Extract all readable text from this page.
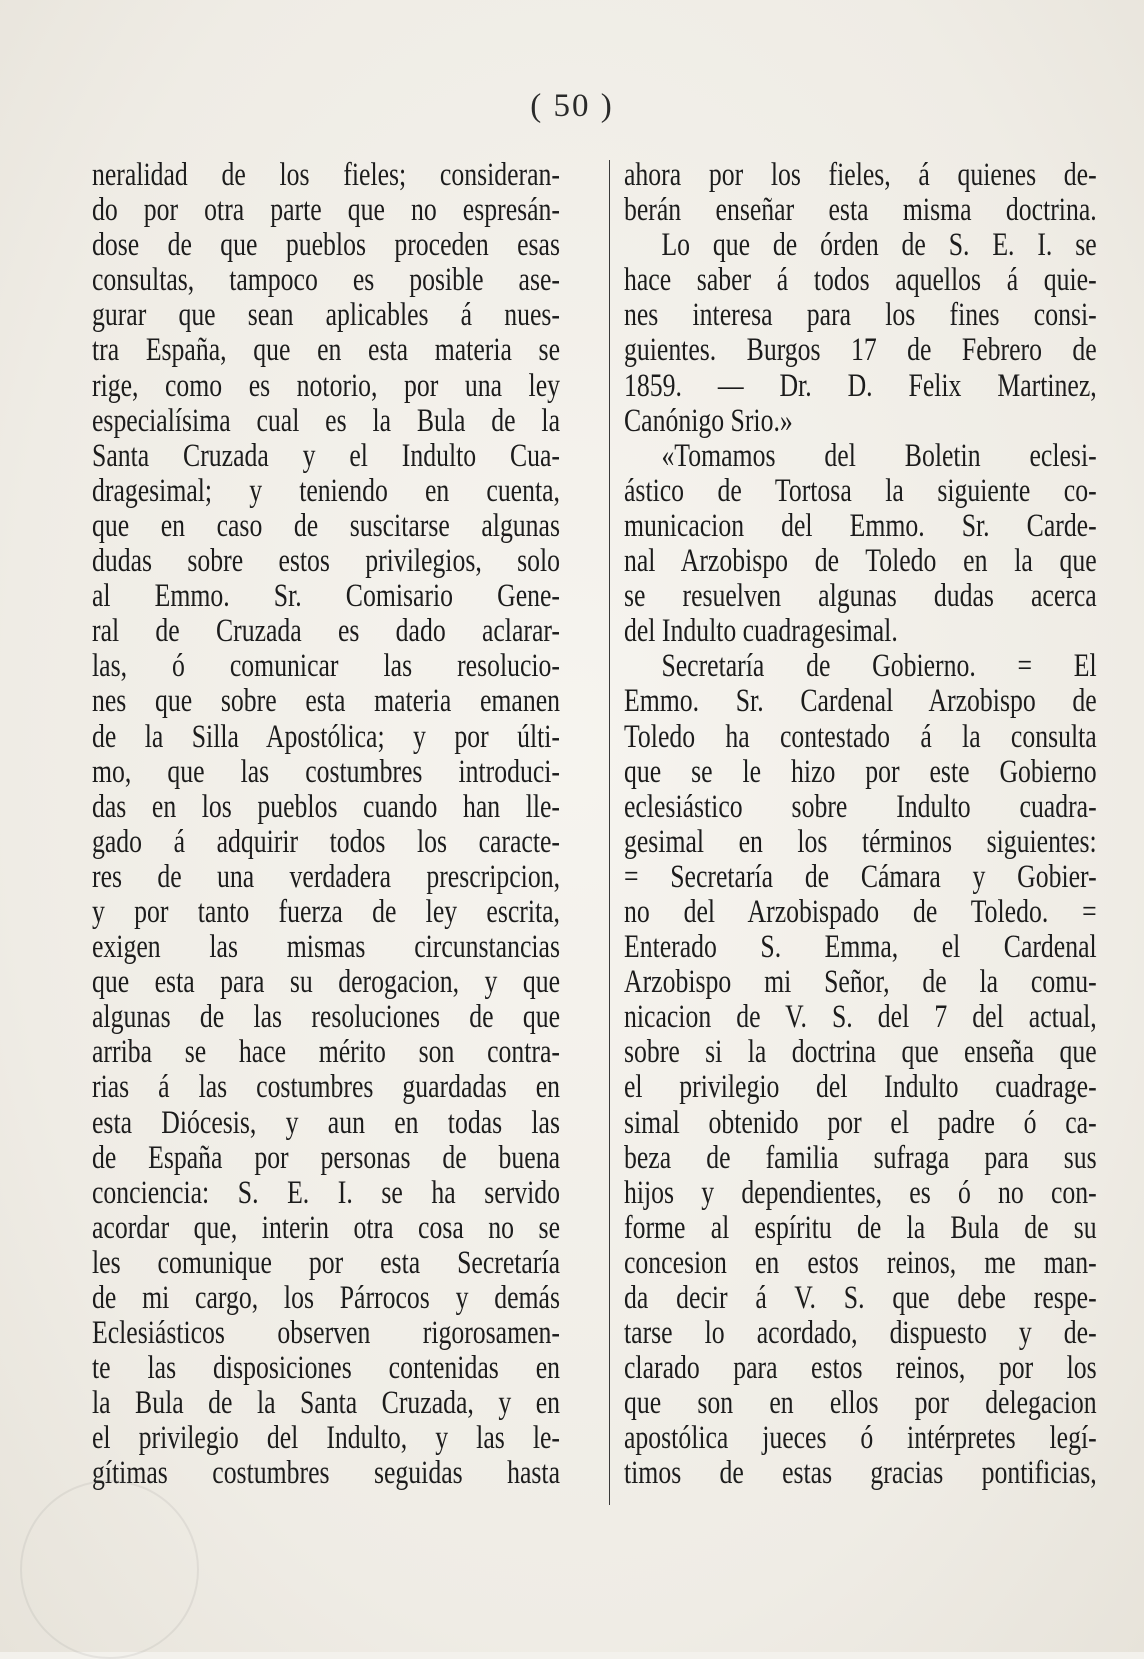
( 50 )
neralidad de los fieles; consideran-
do por otra parte que no espresán-
dose de que pueblos proceden esas
consultas, tampoco es posible ase-
gurar que sean aplicables á nues-
tra España, que en esta materia se
rige, como es notorio, por una ley
especialísima cual es la Bula de la
Santa Cruzada y el Indulto Cua-
dragesimal; y teniendo en cuenta,
que en caso de suscitarse algunas
dudas sobre estos privilegios, solo
al Emmo. Sr. Comisario Gene-
ral de Cruzada es dado aclarar-
las, ó comunicar las resolucio-
nes que sobre esta materia emanen
de la Silla Apostólica; y por últi-
mo, que las costumbres introduci-
das en los pueblos cuando han lle-
gado á adquirir todos los caracte-
res de una verdadera prescripcion,
y por tanto fuerza de ley escrita,
exigen las mismas circunstancias
que esta para su derogacion, y que
algunas de las resoluciones de que
arriba se hace mérito son contra-
rias á las costumbres guardadas en
esta Diócesis, y aun en todas las
de España por personas de buena
conciencia: S. E. I. se ha servido
acordar que, interin otra cosa no se
les comunique por esta Secretaría
de mi cargo, los Párrocos y demás
Eclesiásticos observen rigorosamen-
te las disposiciones contenidas en
la Bula de la Santa Cruzada, y en
el privilegio del Indulto, y las le-
gítimas costumbres seguidas hasta
ahora por los fieles, á quienes de-
berán enseñar esta misma doctrina.
Lo que de órden de S. E. I. se
hace saber á todos aquellos á quie-
nes interesa para los fines consi-
guientes. Burgos 17 de Febrero de
1859. — Dr. D. Felix Martinez,
Canónigo Srio.»
«Tomamos del Boletin eclesi-
ástico de Tortosa la siguiente co-
municacion del Emmo. Sr. Carde-
nal Arzobispo de Toledo en la que
se resuelven algunas dudas acerca
del Indulto cuadragesimal.
Secretaría de Gobierno. = El
Emmo. Sr. Cardenal Arzobispo de
Toledo ha contestado á la consulta
que se le hizo por este Gobierno
eclesiástico sobre Indulto cuadra-
gesimal en los términos siguientes:
= Secretaría de Cámara y Gobier-
no del Arzobispado de Toledo. =
Enterado S. Emma, el Cardenal
Arzobispo mi Señor, de la comu-
nicacion de V. S. del 7 del actual,
sobre si la doctrina que enseña que
el privilegio del Indulto cuadrage-
simal obtenido por el padre ó ca-
beza de familia sufraga para sus
hijos y dependientes, es ó no con-
forme al espíritu de la Bula de su
concesion en estos reinos, me man-
da decir á V. S. que debe respe-
tarse lo acordado, dispuesto y de-
clarado para estos reinos, por los
que son en ellos por delegacion
apostólica jueces ó intérpretes legí-
timos de estas gracias pontificias,
